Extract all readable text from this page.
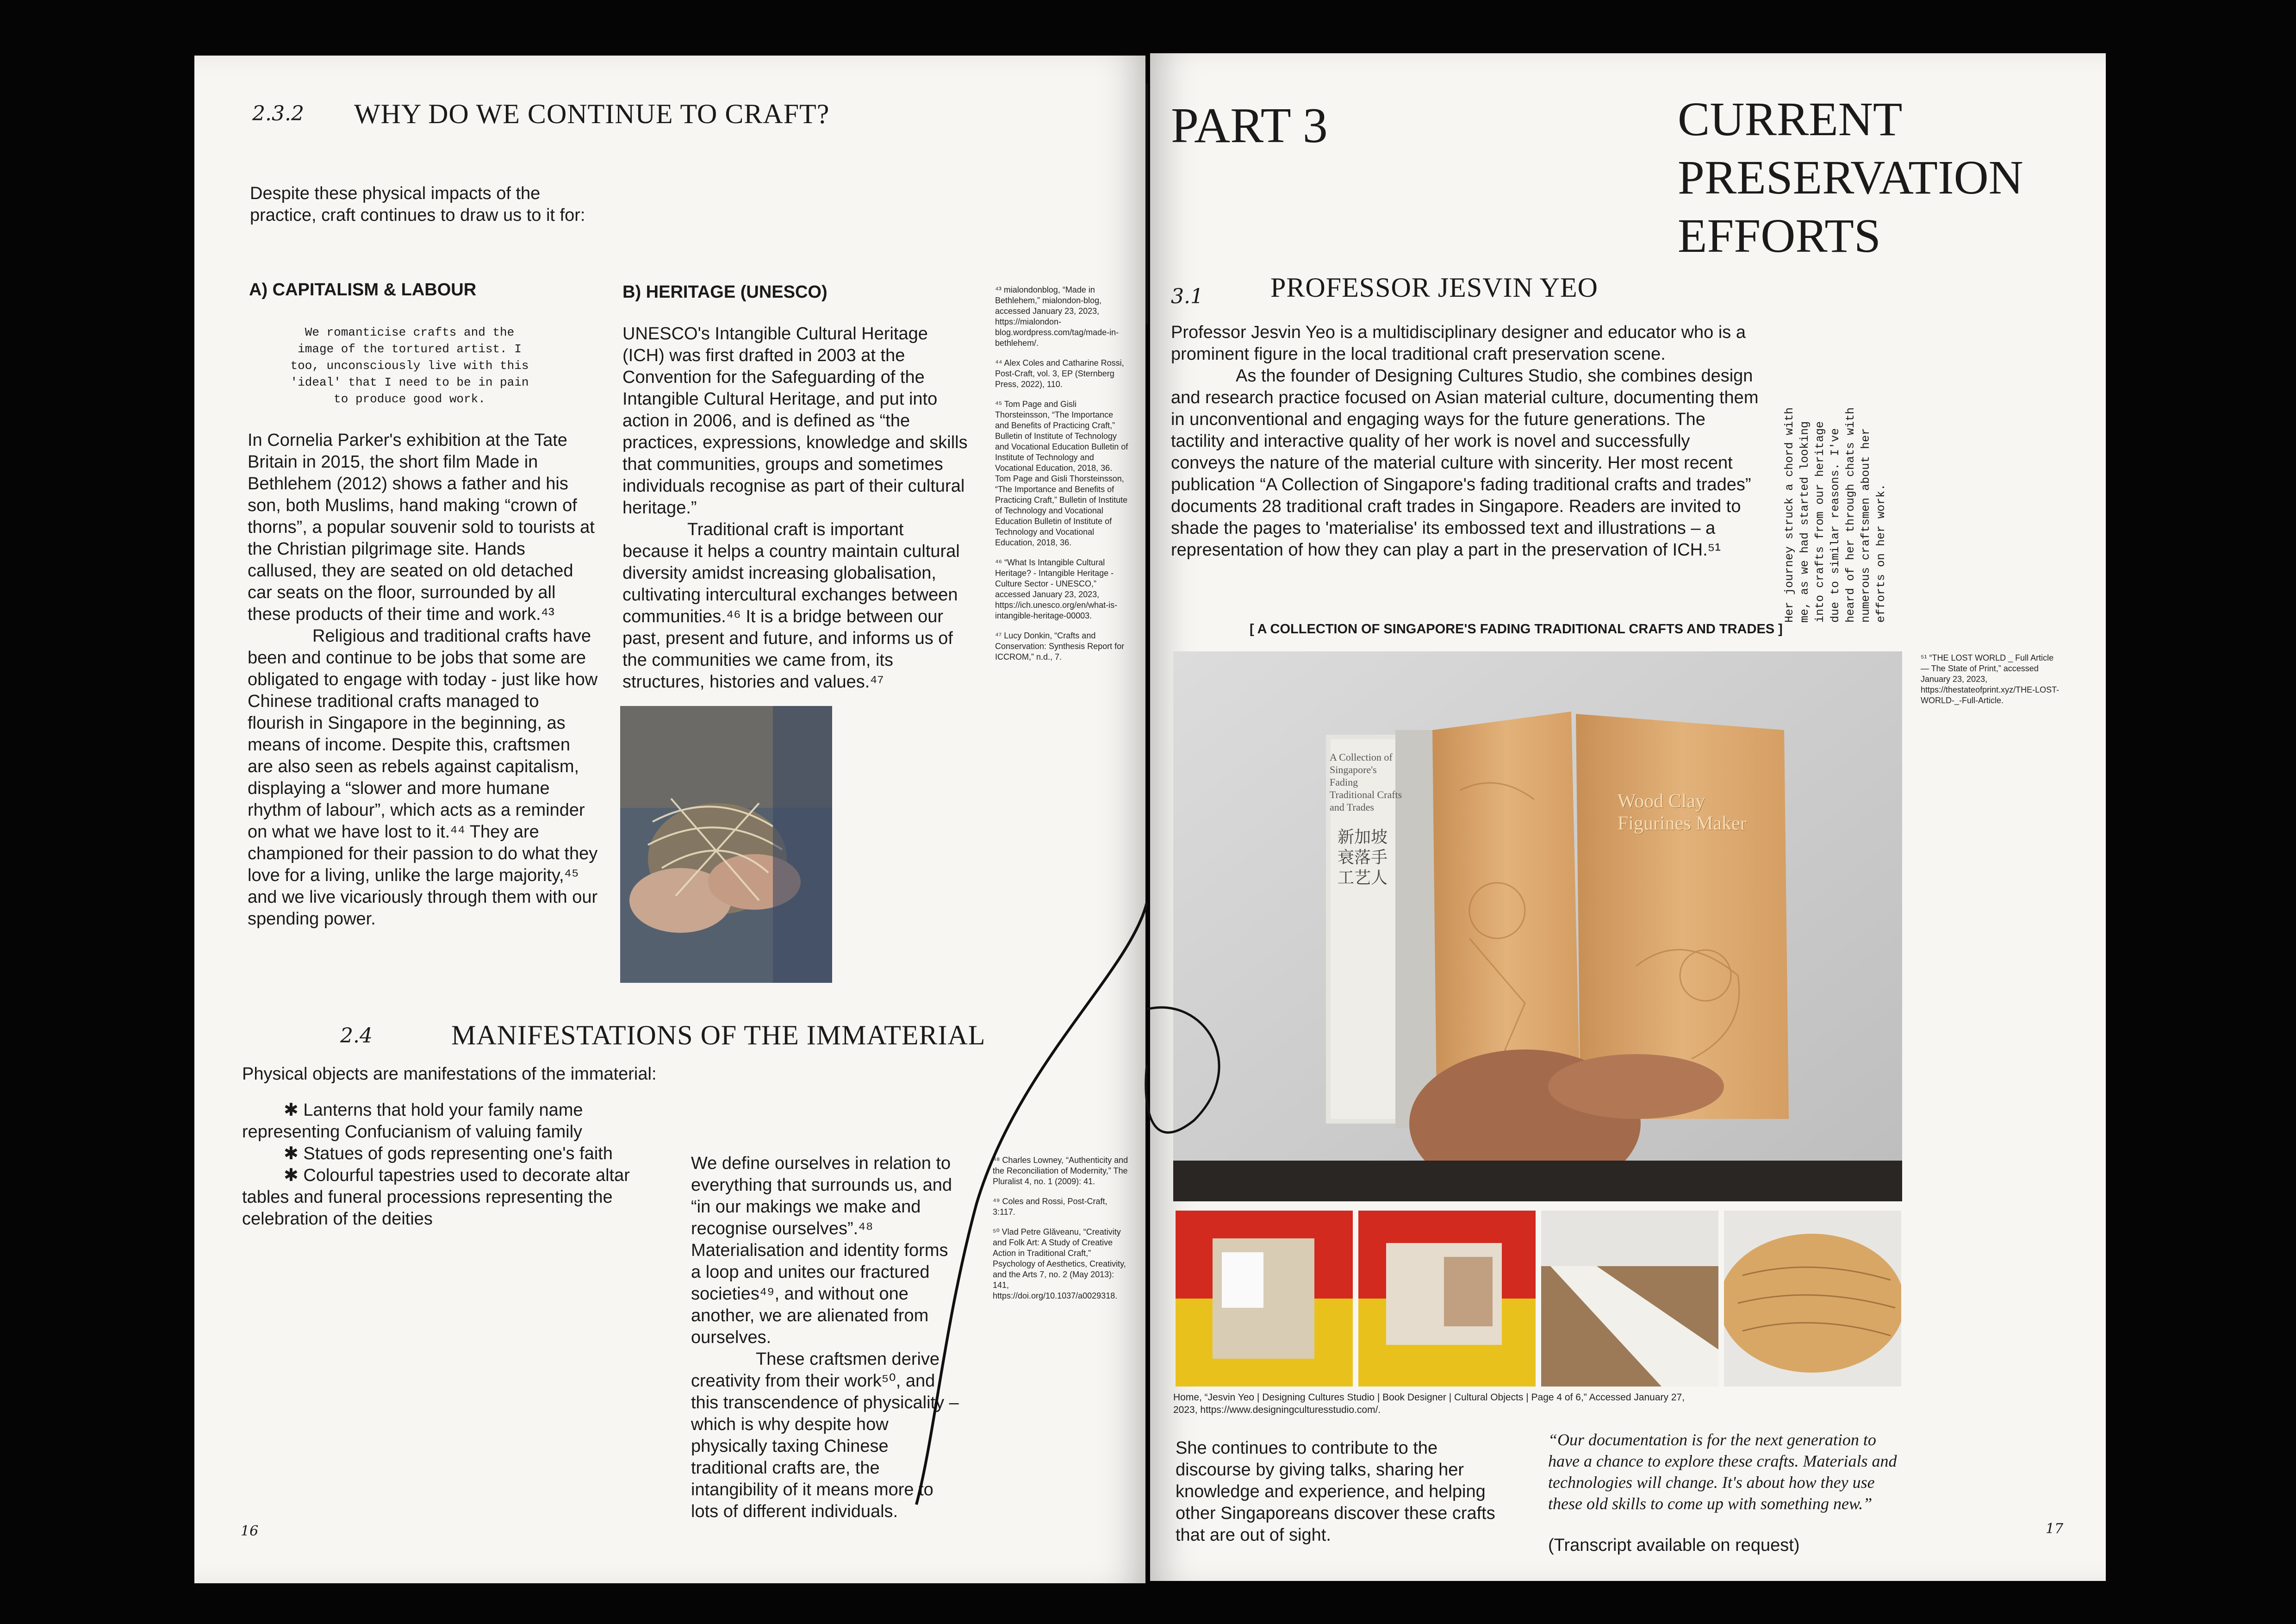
2.3.2 WHY DO WE CONTINUE TO CRAFT?
Despite these physical impacts of the practice, craft continues to draw us to it for:
A) CAPITALISM & LABOUR
We romanticise crafts and the
image of the tortured artist. I
too, unconsciously live with this
'ideal' that I need to be in pain
to produce good work.

In Cornelia Parker's exhibition at the Tate Britain in 2015, the short film Made in Bethlehem (2012) shows a father and his son, both Muslims, hand making “crown of thorns”, a popular souvenir sold to tourists at the Christian pilgrimage site. Hands callused, they are seated on old detached car seats on the floor, surrounded by all these products of their time and work.⁴³

Religious and traditional crafts have been and continue to be jobs that some are obligated to engage with today - just like how Chinese traditional crafts managed to flourish in Singapore in the beginning, as means of income. Despite this, craftsmen are also seen as rebels against capitalism, displaying a “slower and more humane rhythm of labour”, which acts as a reminder on what we have lost to it.⁴⁴ They are championed for their passion to do what they love for a living, unlike the large majority,⁴⁵ and we live vicariously through them with our spending power.

B) HERITAGE (UNESCO)

UNESCO's Intangible Cultural Heritage (ICH) was first drafted in 2003 at the Convention for the Safeguarding of the Intangible Cultural Heritage, and put into action in 2006, and is defined as “the practices, expressions, knowledge and skills that communities, groups and sometimes individuals recognise as part of their cultural heritage.”

Traditional craft is important because it helps a country maintain cultural diversity amidst increasing globalisation, cultivating intercultural exchanges between communities.⁴⁶ It is a bridge between our past, present and future, and informs us of the communities we came from, its structures, histories and values.⁴⁷

⁴³ mialondonblog, “Made in Bethlehem,” mialondon-blog, accessed January 23, 2023, https://mialondon-blog.wordpress.com/tag/made-in-bethlehem/.

⁴⁴ Alex Coles and Catharine Rossi, Post-Craft, vol. 3, EP (Sternberg Press, 2022), 110.

⁴⁵ Tom Page and Gisli Thorsteinsson, “The Importance and Benefits of Practicing Craft,” Bulletin of Institute of Technology and Vocational Education Bulletin of Institute of Technology and Vocational Education, 2018, 36. Tom Page and Gisli Thorsteinsson, “The Importance and Benefits of Practicing Craft,” Bulletin of Institute of Technology and Vocational Education Bulletin of Institute of Technology and Vocational Education, 2018, 36.

⁴⁶ “What Is Intangible Cultural Heritage? - Intangible Heritage - Culture Sector - UNESCO,” accessed January 23, 2023, https://ich.unesco.org/en/what-is-intangible-heritage-00003.

⁴⁷ Lucy Donkin, “Crafts and Conservation: Synthesis Report for ICCROM,” n.d., 7.

2.4	MANIFESTATIONS OF THE IMMATERIAL
Physical objects are manifestations of the immaterial:
✱ Lanterns that hold your family name representing Confucianism of valuing family
✱ Statues of gods representing one's faith
✱ Colourful tapestries used to decorate altar tables and funeral processions representing the celebration of the deities

We define ourselves in relation to everything that surrounds us, and “in our makings we make and recognise ourselves”.⁴⁸ Materialisation and identity forms a loop and unites our fractured societies⁴⁹, and without one another, we are alienated from ourselves.

These craftsmen derive creativity from their work⁵⁰, and this transcendence of physicality – which is why despite how physically taxing Chinese traditional crafts are, the intangibility of it means more to lots of different individuals.

⁴⁸ Charles Lowney, “Authenticity and the Reconciliation of Modernity,” The Pluralist 4, no. 1 (2009): 41.

⁴⁹ Coles and Rossi, Post-Craft, 3:117.

⁵⁰ Vlad Petre Glăveanu, “Creativity and Folk Art: A Study of Creative Action in Traditional Craft,” Psychology of Aesthetics, Creativity, and the Arts 7, no. 2 (May 2013): 141, https://doi.org/10.1037/a0029318.

16
PART 3	CURRENT
PRESERVATION
EFFORTS
3.1 PROFESSOR JESVIN YEO

Professor Jesvin Yeo is a multidisciplinary designer and educator who is a prominent figure in the local traditional craft preservation scene.

As the founder of Designing Cultures Studio, she combines design and research practice focused on Asian material culture, documenting them in unconventional and engaging ways for the future generations. The tactility and interactive quality of her work is novel and successfully conveys the nature of the material culture with sincerity. Her most recent publication “A Collection of Singapore's fading traditional crafts and trades” documents 28 traditional craft trades in Singapore. Readers are invited to shade the pages to 'materialise' its embossed text and illustrations – a representation of how they can play a part in the preservation of ICH.⁵¹

Her journey struck a chord with
me, as we had started looking
into crafts from our heritage
due to similar reasons. I've
heard of her through chats with
numerous craftsmen about her
efforts on her work.
[ A COLLECTION OF SINGAPORE'S FADING TRADITIONAL CRAFTS AND TRADES ]
A Collection of Singapore's Fading Traditional Crafts and Trades
新加坡衰落手工艺人
Wood Clay Figurines Maker
⁵¹ “THE LOST WORLD _ Full Article — The State of Print,” accessed January 23, 2023, https://thestateofprint.xyz/THE-LOST-WORLD-_-Full-Article.
Home, “Jesvin Yeo | Designing Cultures Studio | Book Designer | Cultural Objects | Page 4 of 6,” Accessed January 27, 2023, https://www.designingculturesstudio.com/.
She continues to contribute to the discourse by giving talks, sharing her knowledge and experience, and helping other Singaporeans discover these crafts that are out of sight.
“Our documentation is for the next generation to have a chance to explore these crafts. Materials and technologies will change. It's about how they use these old skills to come up with something new.”
(Transcript available on request)
17
